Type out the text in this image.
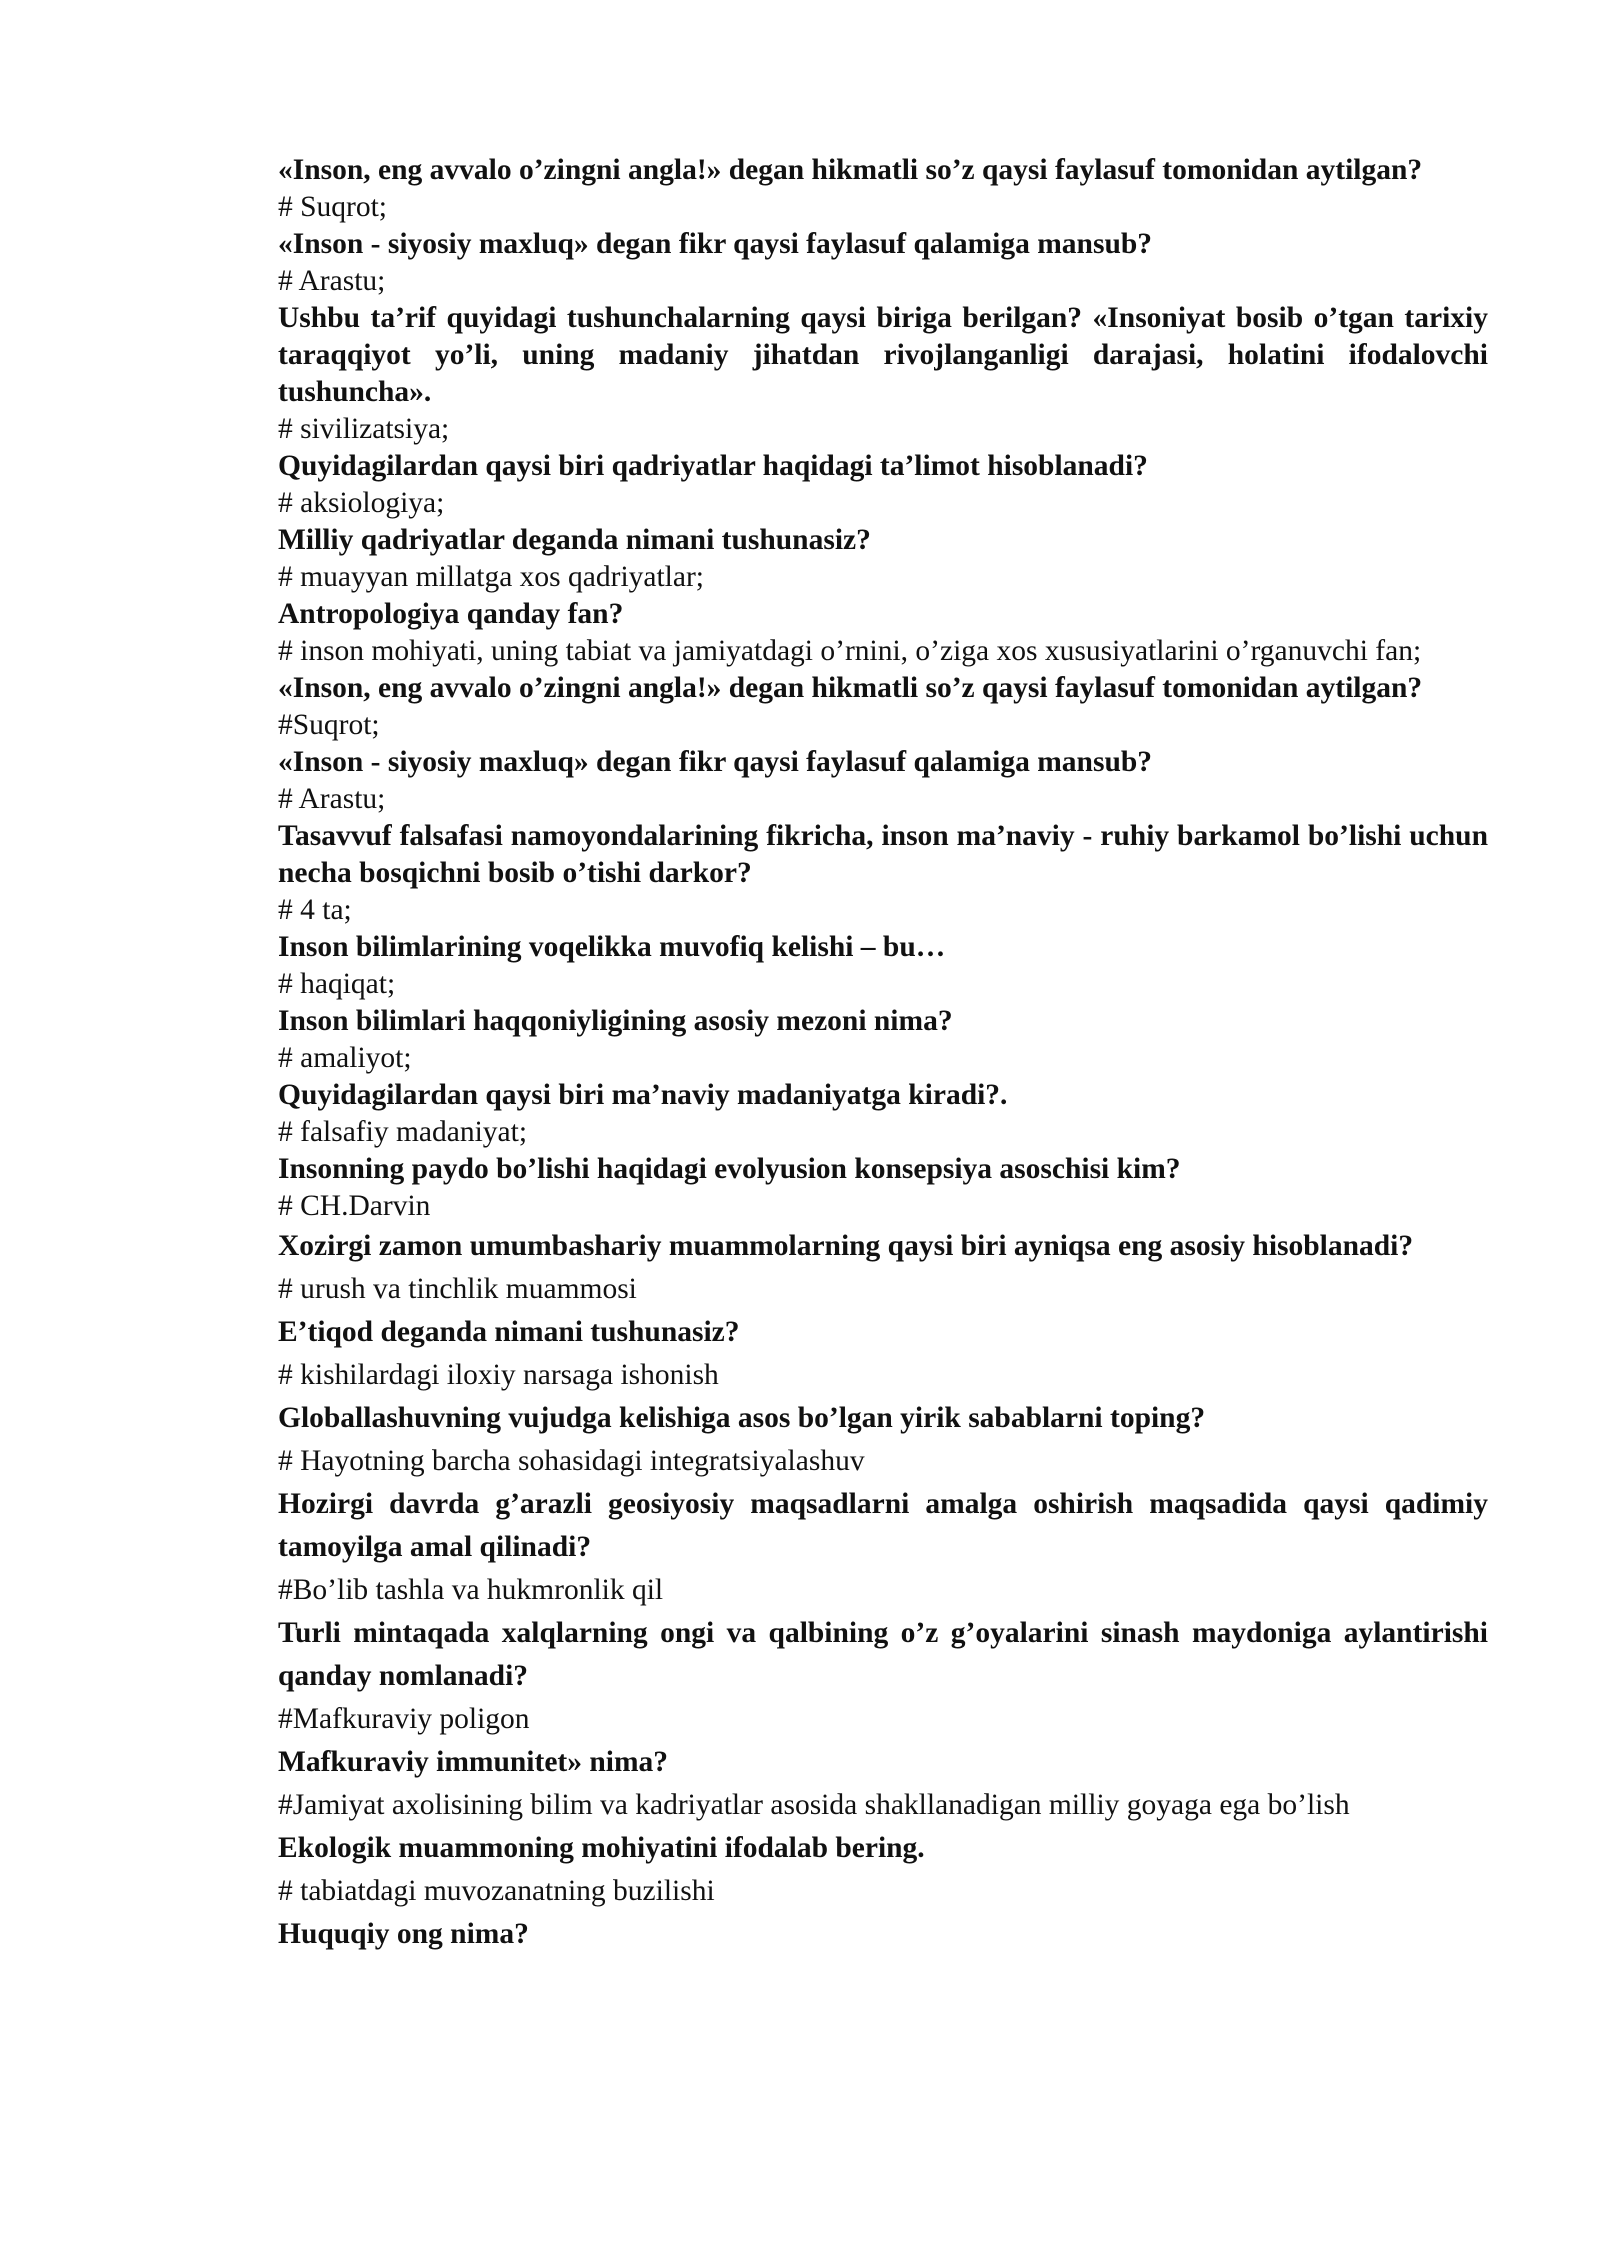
«Inson, eng avvalo o’zingni angla!» degan hikmatli so’z qaysi faylasuf tomonidan aytilgan?
# Suqrot;
«Inson - siyosiy maxluq» degan fikr qaysi faylasuf qalamiga mansub?
# Arastu;
Ushbu ta’rif quyidagi tushunchalarning qaysi biriga berilgan? «Insoniyat bosib o’tgan tarixiy taraqqiyot yo’li, uning madaniy jihatdan rivojlanganligi darajasi, holatini ifodalovchi tushuncha».
# sivilizatsiya;
Quyidagilardan qaysi biri qadriyatlar haqidagi ta’limot hisoblanadi?
# aksiologiya;
Milliy qadriyatlar deganda nimani tushunasiz?
# muayyan millatga xos qadriyatlar;
Antropologiya qanday fan?
# inson mohiyati, uning tabiat va jamiyatdagi o’rnini, o’ziga xos xususiyatlarini o’rganuvchi fan;
«Inson, eng avvalo o’zingni angla!» degan hikmatli so’z qaysi faylasuf tomonidan aytilgan?
#Suqrot;
«Inson - siyosiy maxluq» degan fikr qaysi faylasuf qalamiga mansub?
# Arastu;
Tasavvuf falsafasi namoyondalarining fikricha, inson ma’naviy - ruhiy barkamol bo’lishi uchun necha bosqichni bosib o’tishi darkor?
# 4 ta;
Inson bilimlarining voqelikka muvofiq kelishi – bu…
# haqiqat;
Inson bilimlari haqqoniyligining asosiy mezoni nima?
# amaliyot;
Quyidagilardan qaysi biri ma’naviy madaniyatga kiradi?.
# falsafiy madaniyat;
Insonning paydo bo’lishi haqidagi evolyusion konsepsiya asoschisi kim?
# CH.Darvin
Xozirgi zamon umumbashariy muammolarning qaysi biri ayniqsa eng asosiy hisoblanadi?
# urush va tinchlik muammosi
E’tiqod deganda nimani tushunasiz?
# kishilardagi iloxiy narsaga ishonish
Globallashuvning vujudga kelishiga asos bo’lgan yirik sabablarni toping?
# Hayotning barcha sohasidagi integratsiyalashuv
Hozirgi davrda g’arazli geosiyosiy maqsadlarni amalga oshirish maqsadida qaysi qadimiy tamoyilga amal qilinadi?
#Bo’lib tashla va hukmronlik qil
Turli mintaqada xalqlarning ongi va qalbining o’z g’oyalarini sinash maydoniga aylantirishi qanday nomlanadi?
#Mafkuraviy poligon
Mafkuraviy immunitet» nima?
#Jamiyat axolisining bilim va kadriyatlar asosida shakllanadigan milliy goyaga ega bo’lish
Ekologik muammoning mohiyatini ifodalab bering.
# tabiatdagi muvozanatning buzilishi
Huquqiy ong nima?
